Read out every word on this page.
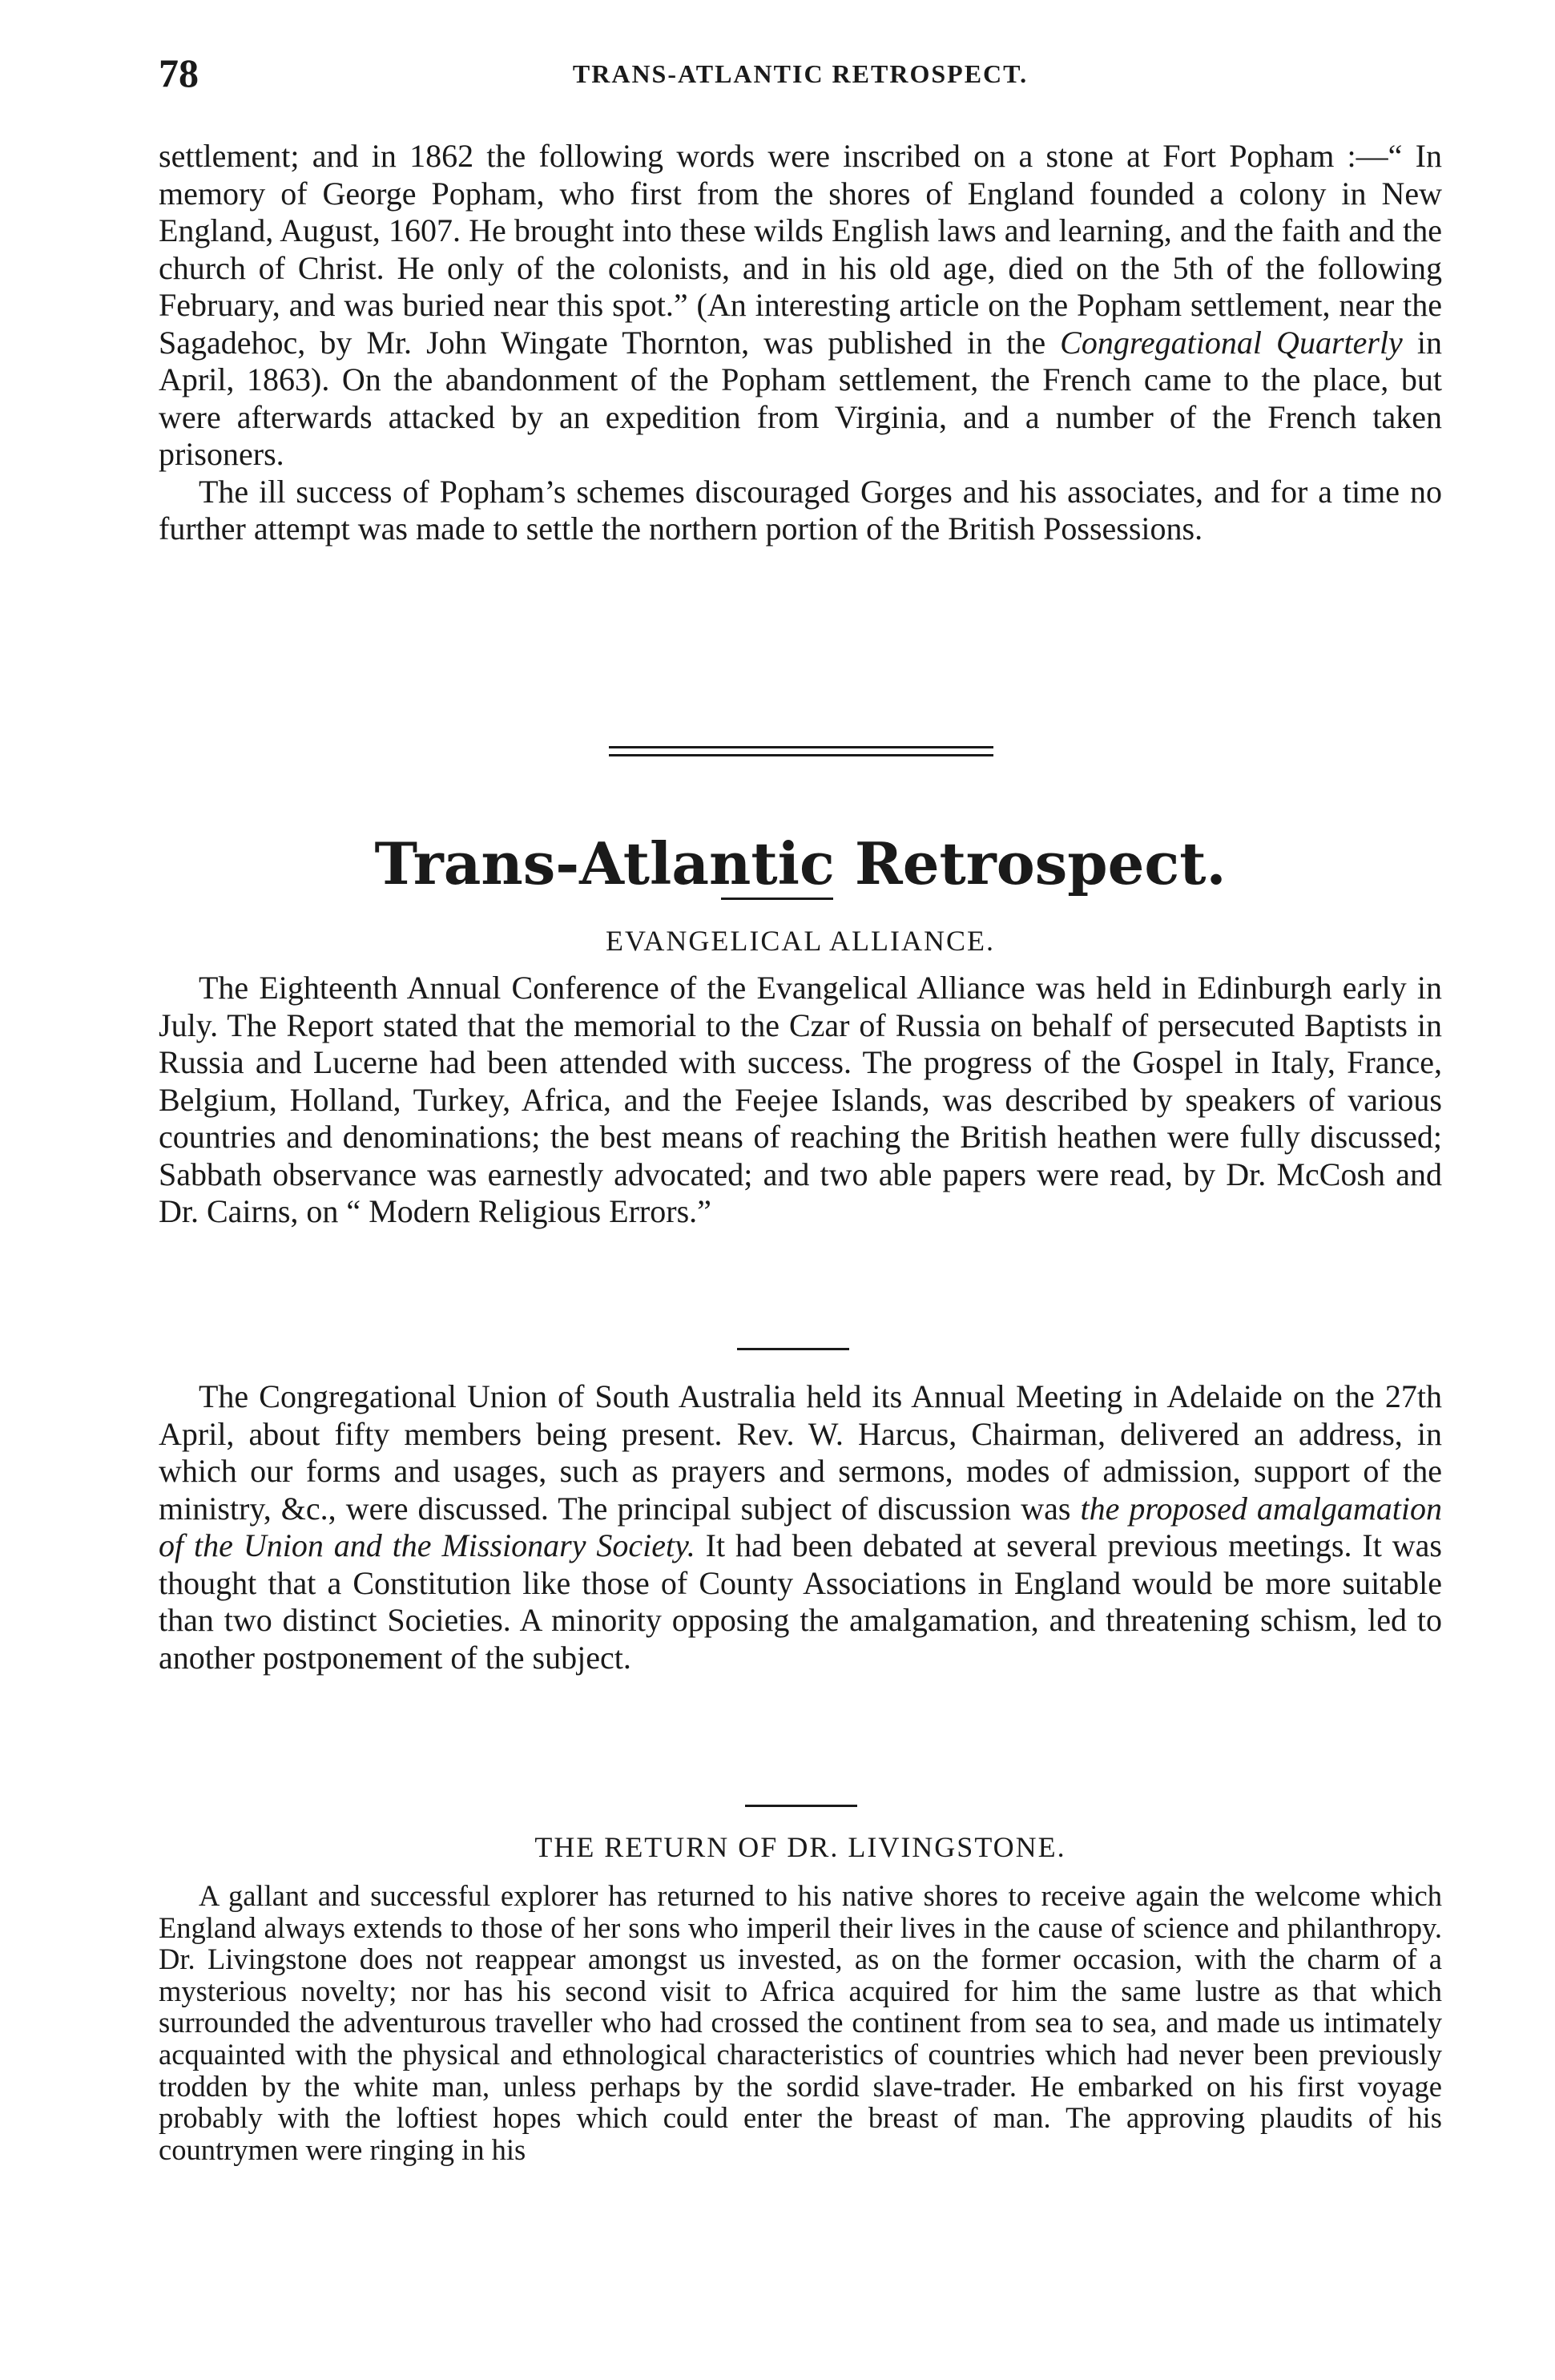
78	TRANS-ATLANTIC RETROSPECT.

settlement; and in 1862 the following words were inscribed on a stone at Fort Popham :—“ In memory of George Popham, who first from the shores of England founded a colony in New England, August, 1607. He brought into these wilds English laws and learning, and the faith and the church of Christ. He only of the colonists, and in his old age, died on the 5th of the following February, and was buried near this spot.” (An interesting article on the Popham settlement, near the Sagadehoc, by Mr. John Wingate Thornton, was published in the Congregational Quarterly in April, 1863). On the abandonment of the Popham settlement, the French came to the place, but were afterwards attacked by an expedition from Virginia, and a number of the French taken prisoners.

The ill success of Popham’s schemes discouraged Gorges and his associates, and for a time no further attempt was made to settle the northern portion of the British Possessions.

Trans-Atlantic Retrospect.
EVANGELICAL ALLIANCE.

The Eighteenth Annual Conference of the Evangelical Alliance was held in Edinburgh early in July. The Report stated that the memorial to the Czar of Russia on behalf of persecuted Baptists in Russia and Lucerne had been attended with success. The progress of the Gospel in Italy, France, Belgium, Holland, Turkey, Africa, and the Feejee Islands, was described by speakers of various countries and denominations; the best means of reaching the British heathen were fully discussed; Sabbath observance was earnestly advocated; and two able papers were read, by Dr. McCosh and Dr. Cairns, on “ Modern Religious Errors.”

The Congregational Union of South Australia held its Annual Meeting in Adelaide on the 27th April, about fifty members being present. Rev. W. Harcus, Chairman, delivered an address, in which our forms and usages, such as prayers and sermons, modes of admission, support of the ministry, &c., were discussed. The principal subject of discussion was the proposed amalgamation of the Union and the Missionary Society. It had been debated at several previous meetings. It was thought that a Constitution like those of County Associations in England would be more suitable than two distinct Societies. A minority opposing the amalgamation, and threatening schism, led to another postponement of the subject.

THE RETURN OF DR. LIVINGSTONE.

A gallant and successful explorer has returned to his native shores to receive again the welcome which England always extends to those of her sons who imperil their lives in the cause of science and philanthropy. Dr. Livingstone does not reappear amongst us invested, as on the former occasion, with the charm of a mysterious novelty; nor has his second visit to Africa acquired for him the same lustre as that which surrounded the adventurous traveller who had crossed the continent from sea to sea, and made us intimately acquainted with the physical and ethnological characteristics of countries which had never been previously trodden by the white man, unless perhaps by the sordid slave-trader. He embarked on his first voyage probably with the loftiest hopes which could enter the breast of man. The approving plaudits of his countrymen were ringing in his
